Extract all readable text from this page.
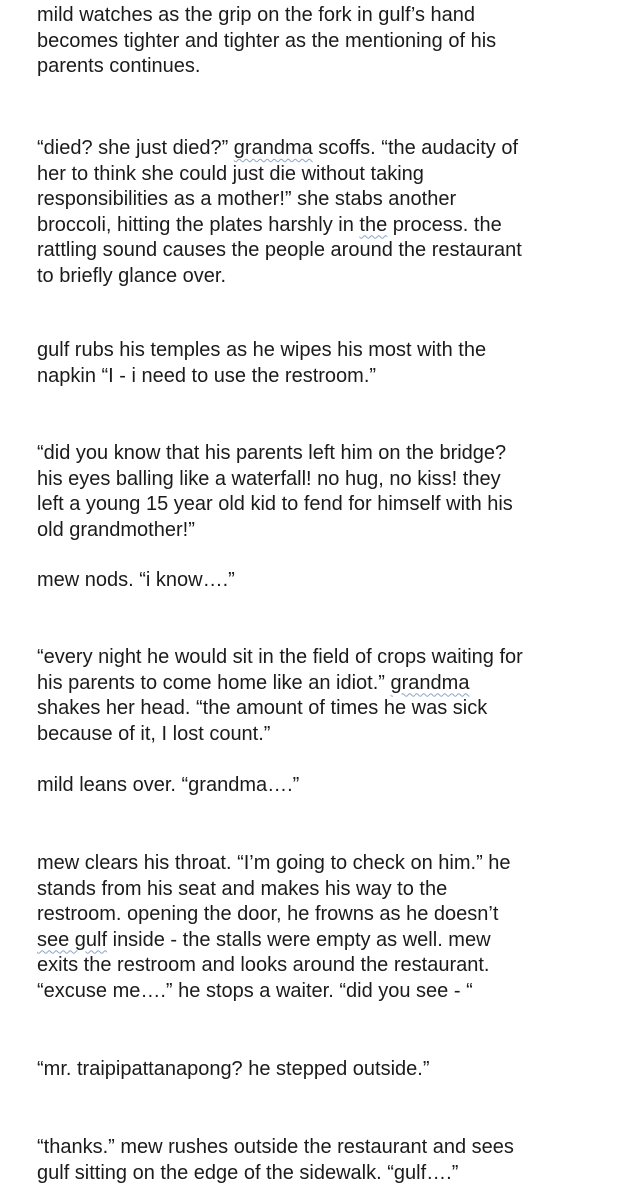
mild watches as the grip on the fork in gulf’s hand
becomes tighter and tighter as the mentioning of his
parents continues.
“died? she just died?” grandma scoffs. “the audacity of
her to think she could just die without taking
responsibilities as a mother!” she stabs another
broccoli, hitting the plates harshly in the process. the
rattling sound causes the people around the restaurant
to briefly glance over.
gulf rubs his temples as he wipes his most with the
napkin “I - i need to use the restroom.”
“did you know that his parents left him on the bridge?
his eyes balling like a waterfall! no hug, no kiss! they
left a young 15 year old kid to fend for himself with his
old grandmother!”
mew nods. “i know….”
“every night he would sit in the field of crops waiting for
his parents to come home like an idiot.” grandma
shakes her head. “the amount of times he was sick
because of it, I lost count.”
mild leans over. “grandma….”
mew clears his throat. “I’m going to check on him.” he
stands from his seat and makes his way to the
restroom. opening the door, he frowns as he doesn’t
see gulf inside - the stalls were empty as well. mew
exits the restroom and looks around the restaurant.
“excuse me….” he stops a waiter. “did you see - “
“mr. traipipattanapong? he stepped outside.”
“thanks.” mew rushes outside the restaurant and sees
gulf sitting on the edge of the sidewalk. “gulf….”
